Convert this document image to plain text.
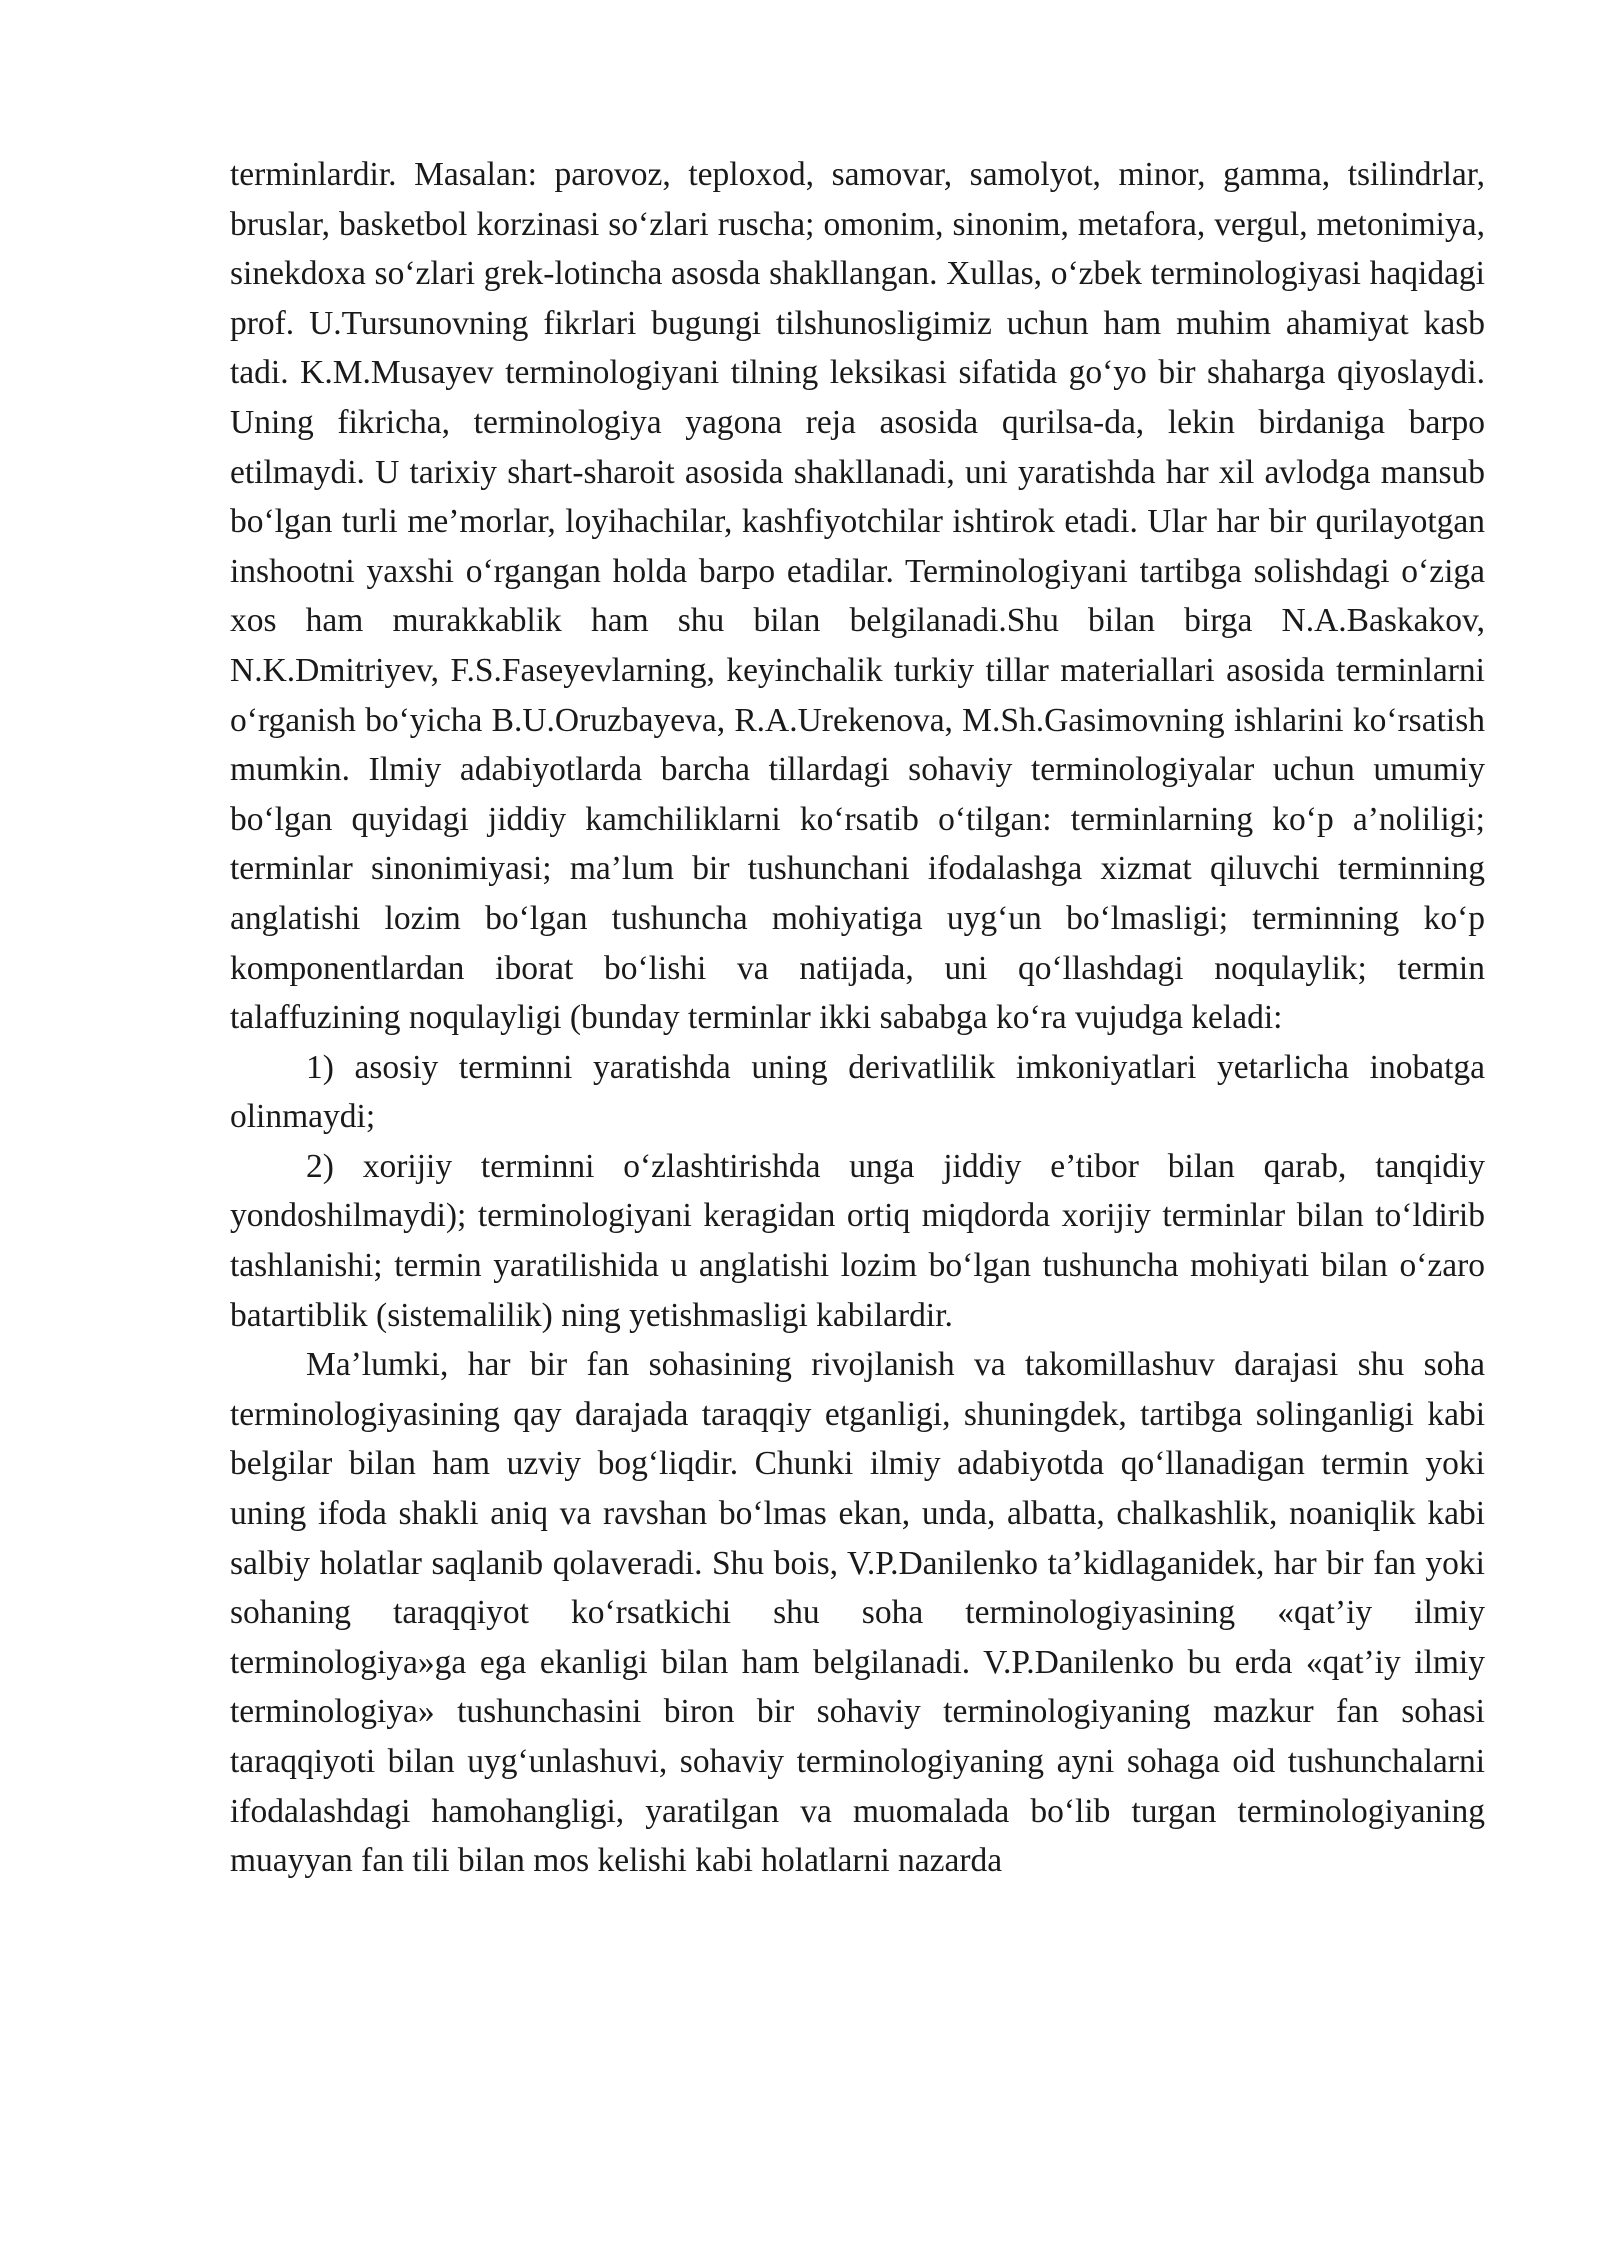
terminlardir. Masalan: parovoz, teploxod, samovar, samolyot, minor, gamma, tsilindrlar, bruslar, basketbol korzinasi so‘zlari ruscha; omonim, sinonim, metafora, vergul, metonimiya, sinekdoxa so‘zlari grek-lotincha asosda shakllangan. Xullas, o‘zbek terminologiyasi haqidagi prof. U.Tursunovning fikrlari bugungi tilshunosligimiz uchun ham muhim ahamiyat kasb tadi. K.M.Musayev terminologiyani tilning leksikasi sifatida go‘yo bir shaharga qiyoslaydi. Uning fikricha, terminologiya yagona reja asosida qurilsa-da, lekin birdaniga barpo etilmaydi. U tarixiy shart-sharoit asosida shakllanadi, uni yaratishda har xil avlodga mansub bo‘lgan turli me’morlar, loyihachilar, kashfiyotchilar ishtirok etadi. Ular har bir qurilayotgan inshootni yaxshi o‘rgangan holda barpo etadilar. Terminologiyani tartibga solishdagi o‘ziga xos ham murakkablik ham shu bilan belgilanadi.Shu bilan birga N.A.Baskakov, N.K.Dmitriyev, F.S.Faseyevlarning, keyinchalik turkiy tillar materiallari asosida terminlarni o‘rganish bo‘yicha B.U.Oruzbayeva, R.A.Urekenova, M.Sh.Gasimovning ishlarini ko‘rsatish mumkin. Ilmiy adabiyotlarda barcha tillardagi sohaviy terminologiyalar uchun umumiy bo‘lgan quyidagi jiddiy kamchiliklarni ko‘rsatib o‘tilgan: terminlarning ko‘p a’noliligi; terminlar sinonimiyasi; ma’lum bir tushunchani ifodalashga xizmat qiluvchi terminning anglatishi lozim bo‘lgan tushuncha mohiyatiga uyg‘un bo‘lmasligi; terminning ko‘p komponentlardan iborat bo‘lishi va natijada, uni qo‘llashdagi noqulaylik; termin talaffuzining noqulayligi (bunday terminlar ikki sababga ko‘ra vujudga keladi:

1) asosiy terminni yaratishda uning derivatlilik imkoniyatlari yetarlicha inobatga olinmaydi;

2) xorijiy terminni o‘zlashtirishda unga jiddiy e’tibor bilan qarab, tanqidiy yondoshilmaydi); terminologiyani keragidan ortiq miqdorda xorijiy terminlar bilan to‘ldirib tashlanishi; termin yaratilishida u anglatishi lozim bo‘lgan tushuncha mohiyati bilan o‘zaro batartiblik (sistemalilik) ning yetishmasligi kabilardir.

Ma’lumki, har bir fan sohasining rivojlanish va takomillashuv darajasi shu soha terminologiyasining qay darajada taraqqiy etganligi, shuningdek, tartibga solinganligi kabi belgilar bilan ham uzviy bog‘liqdir. Chunki ilmiy adabiyotda qo‘llanadigan termin yoki uning ifoda shakli aniq va ravshan bo‘lmas ekan, unda, albatta, chalkashlik, noaniqlik kabi salbiy holatlar saqlanib qolaveradi. Shu bois, V.P.Danilenko ta’kidlaganidek, har bir fan yoki sohaning taraqqiyot ko‘rsatkichi shu soha terminologiyasining «qat’iy ilmiy terminologiya»ga ega ekanligi bilan ham belgilanadi. V.P.Danilenko bu erda «qat’iy ilmiy terminologiya» tushunchasini biron bir sohaviy terminologiyaning mazkur fan sohasi taraqqiyoti bilan uyg‘unlashuvi, sohaviy terminologiyaning ayni sohaga oid tushunchalarni ifodalashdagi hamohangligi, yaratilgan va muomalada bo‘lib turgan terminologiyaning muayyan fan tili bilan mos kelishi kabi holatlarni nazarda
